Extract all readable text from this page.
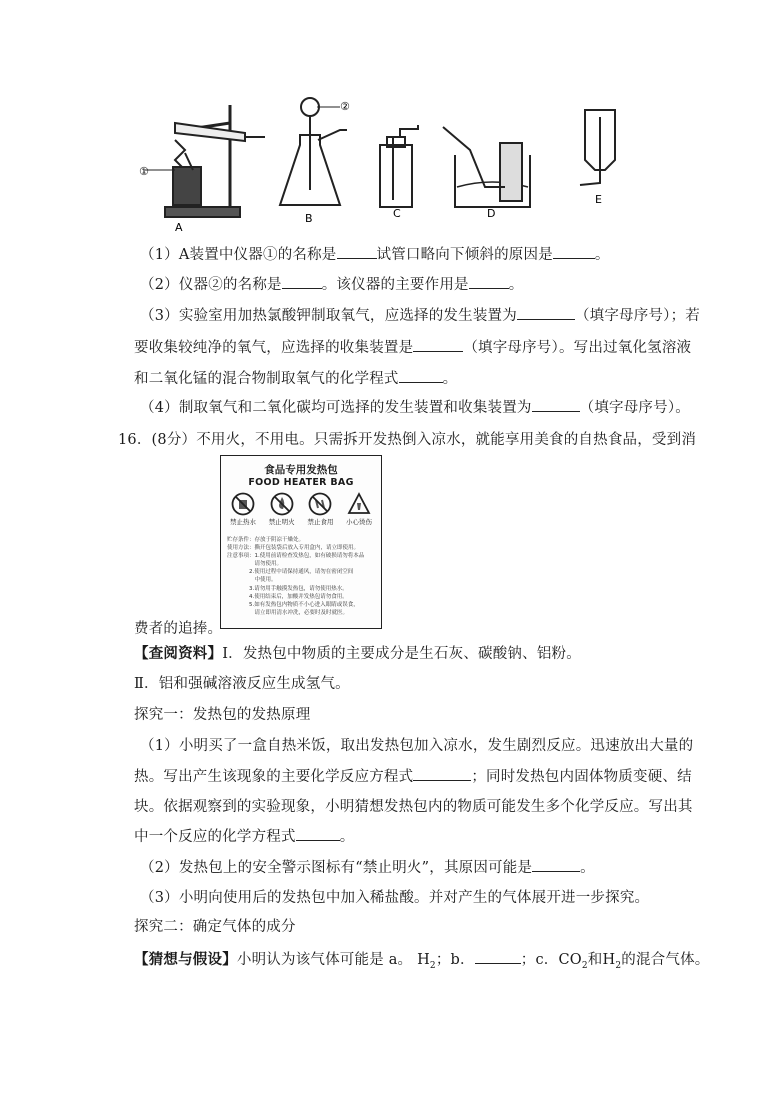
A
B	C	D
E
①
②
（1）A装置中仪器①的名称是	试管口略向下倾斜的原因是	。
（2）仪器②的名称是	。该仪器的主要作用是	。
（3）实验室用加热氯酸钾制取氧气，应选择的发生装置为	（填字母序号）；若
要收集较纯净的氧气，应选择的收集装置是	（填字母序号）。写出过氧化氢溶液
和二氧化锰的混合物制取氧气的化学程式	。
（4）制取氧气和二氧化碳均可选择的发生装置和收集装置为	（填字母序号）。
16．(8分）不用火，不用电。只需拆开发热倒入凉水，就能享用美食的自热食品，受到消
食品专用发热包
FOOD HEATER BAG
禁止热水 禁止明火 禁止食用 小心烫伤
贮存条件：存放于阴凉干燥处。
使用方法：撕开包装袋后放入专用盒内，请立即使用。
注意事项：1.使用前请检查发热包，如有破损请勿将本品
　　　　　请勿使用。
　　　　2.使用过程中请保持通风，请勿在密闭空间
　　　　　中使用。
　　　　3.请勿用手触摸发热包，请勿使用热水。
　　　　4.使用结束后，加酸并发热包请勿食用。
　　　　5.如有发热包内物质不小心进入眼睛或误食，
　　　　　请立即用清水冲洗，必要时及时就医。
费者的追捧。
【查阅资料】Ⅰ．发热包中物质的主要成分是生石灰、碳酸钠、铝粉。
Ⅱ．铝和强碱溶液反应生成氢气。
探究一：发热包的发热原理
（1）小明买了一盒自热米饭，取出发热包加入凉水，发生剧烈反应。迅速放出大量的
热。写出产生该现象的主要化学反应方程式	；同时发热包内固体物质变硬、结
块。依据观察到的实验现象，小明猜想发热包内的物质可能发生多个化学反应。写出其
中一个反应的化学方程式	。
（2）发热包上的安全警示图标有“禁止明火”，其原因可能是	。
（3）小明向使用后的发热包中加入稀盐酸。并对产生的气体展开进一步探究。
探究二：确定气体的成分
【猜想与假设】小明认为该气体可能是 a。 $H_2$；b．	；c．$CO_2$和$H_2$的混合气体。
